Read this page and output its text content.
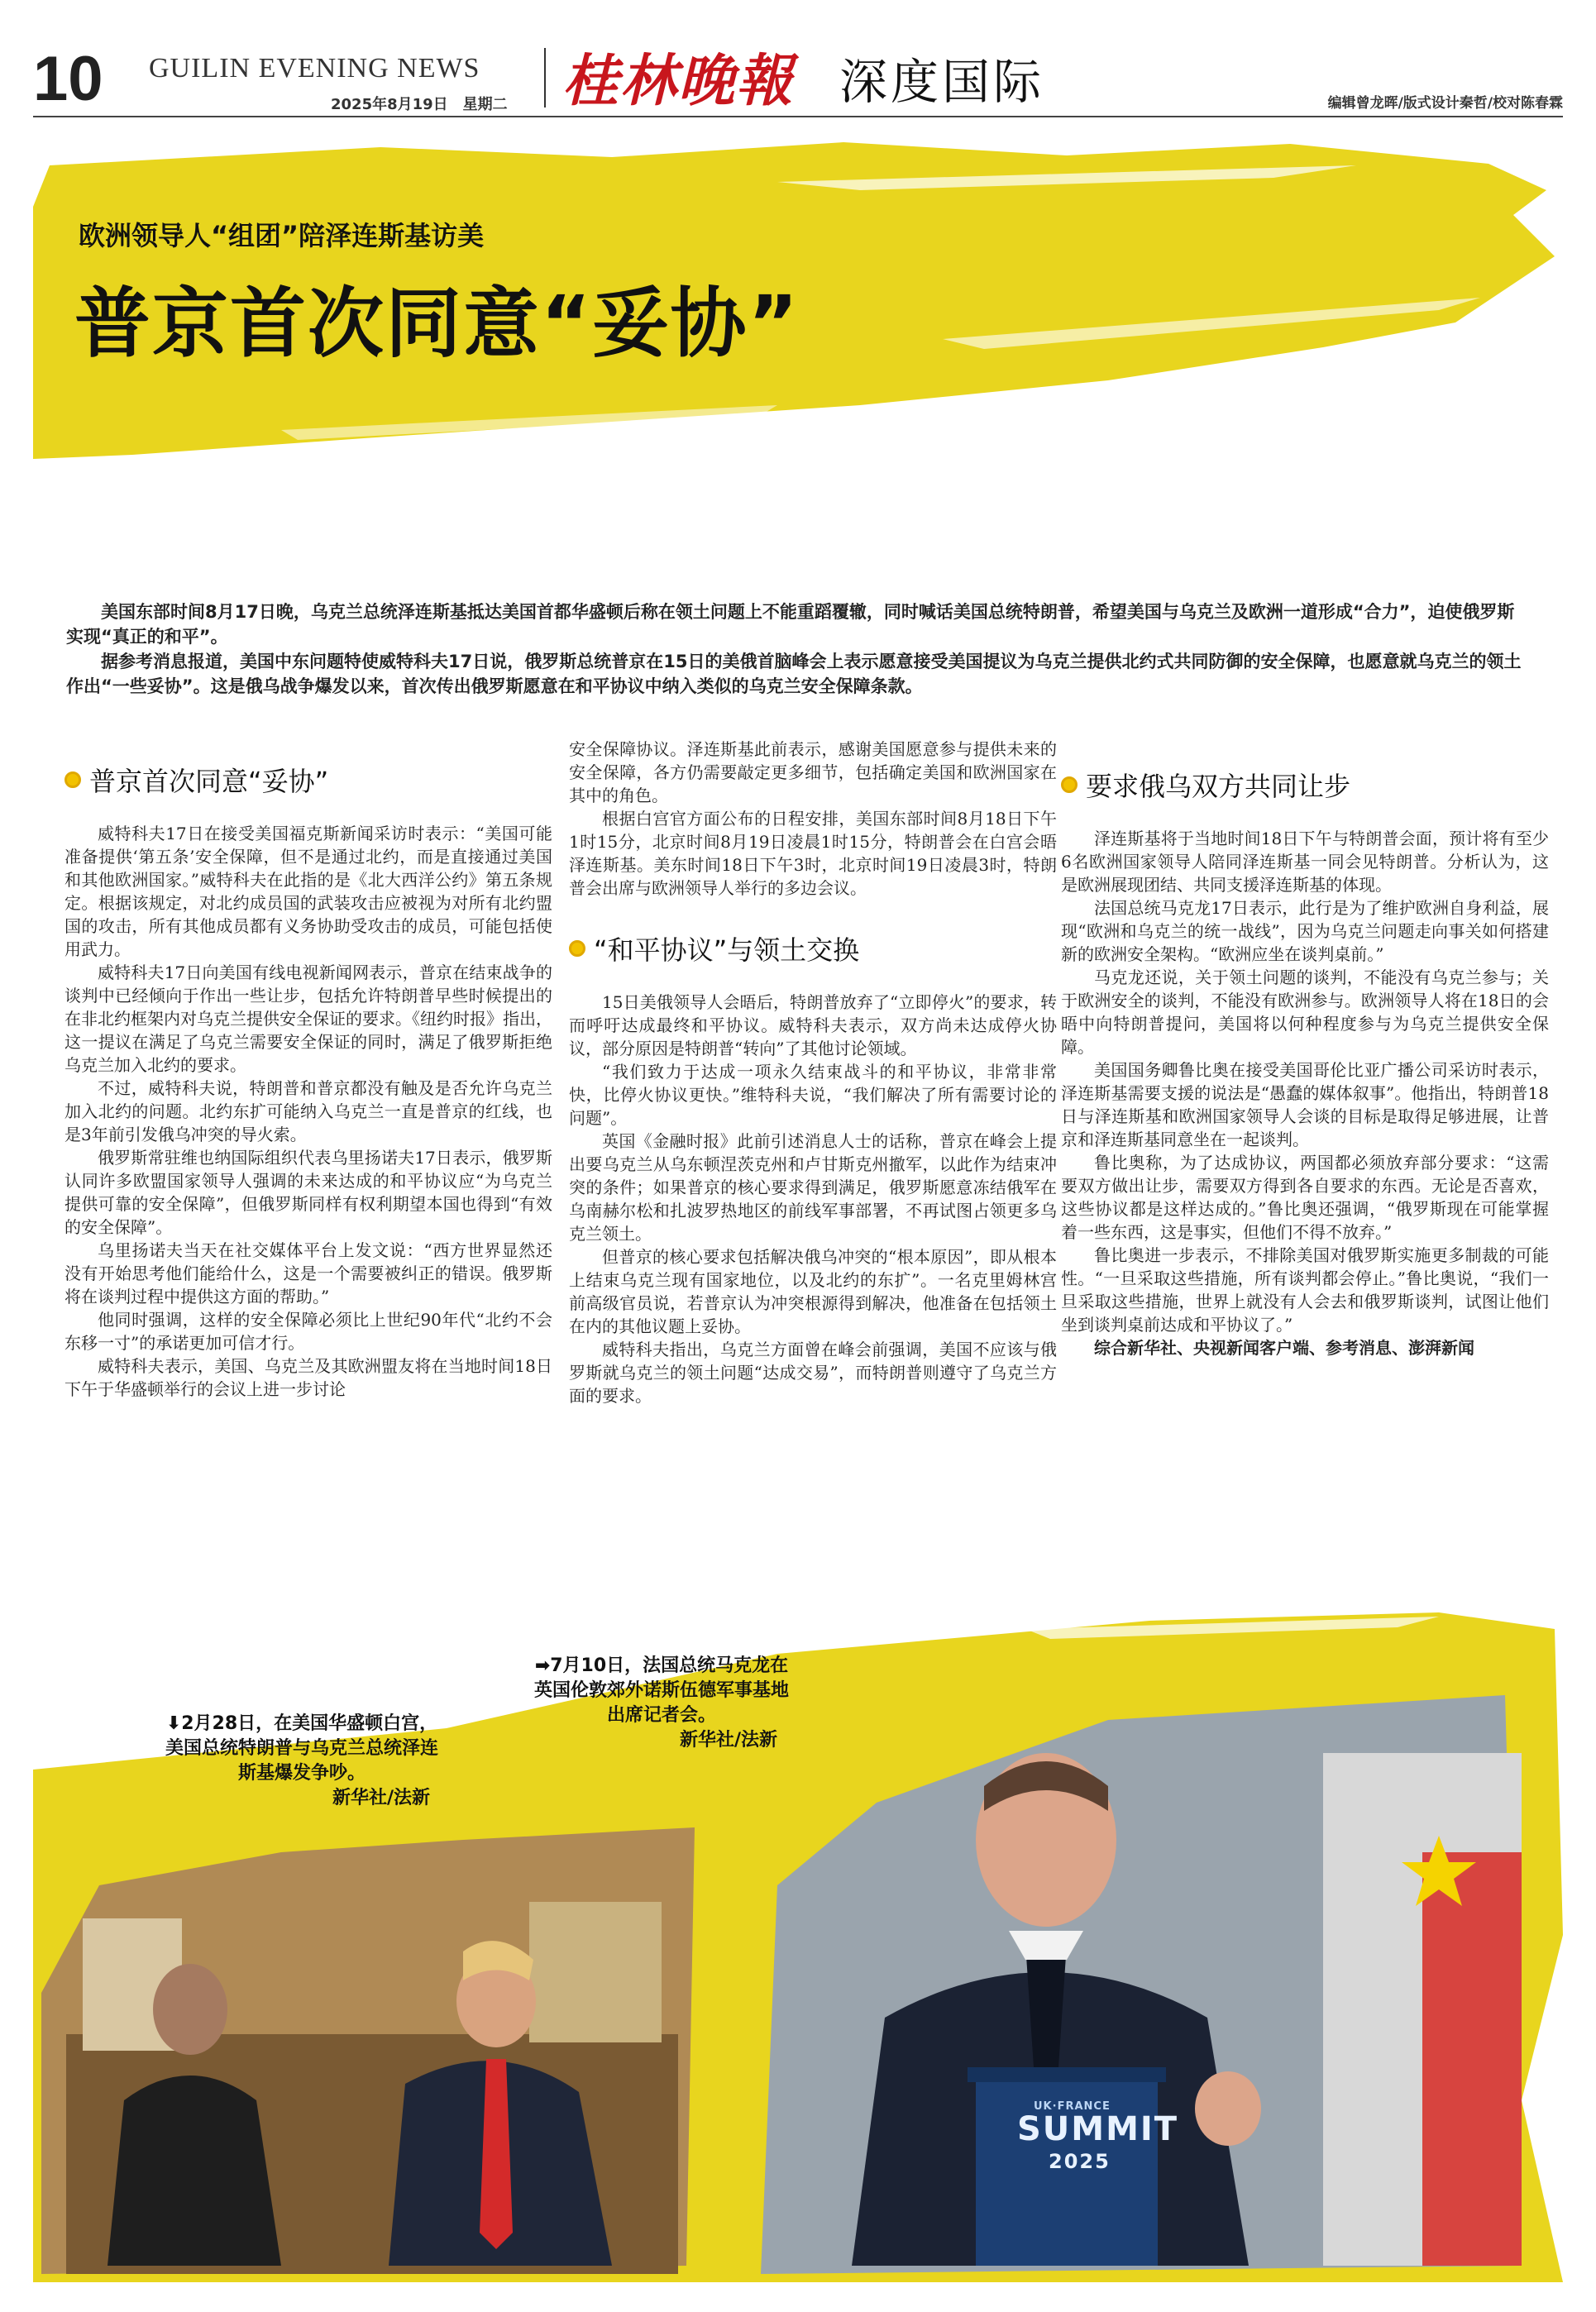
10 GUILIN EVENING NEWS
2025年8月19日　星期二 桂林晚報 深度国际	编辑曾龙晖/版式设计秦哲/校对陈春霖
欧洲领导人“组团”陪泽连斯基访美
普京首次同意“妥协”

美国东部时间8月17日晚，乌克兰总统泽连斯基抵达美国首都华盛顿后称在领土问题上不能重蹈覆辙，同时喊话美国总统特朗普，希望美国与乌克兰及欧洲一道形成“合力”，迫使俄罗斯实现“真正的和平”。

据参考消息报道，美国中东问题特使威特科夫17日说，俄罗斯总统普京在15日的美俄首脑峰会上表示愿意接受美国提议为乌克兰提供北约式共同防御的安全保障，也愿意就乌克兰的领土作出“一些妥协”。这是俄乌战争爆发以来，首次传出俄罗斯愿意在和平协议中纳入类似的乌克兰安全保障条款。

普京首次同意“妥协”

威特科夫17日在接受美国福克斯新闻采访时表示：“美国可能准备提供‘第五条’安全保障，但不是通过北约，而是直接通过美国和其他欧洲国家。”威特科夫在此指的是《北大西洋公约》第五条规定。根据该规定，对北约成员国的武装攻击应被视为对所有北约盟国的攻击，所有其他成员都有义务协助受攻击的成员，可能包括使用武力。

威特科夫17日向美国有线电视新闻网表示，普京在结束战争的谈判中已经倾向于作出一些让步，包括允许特朗普早些时候提出的在非北约框架内对乌克兰提供安全保证的要求。《纽约时报》指出，这一提议在满足了乌克兰需要安全保证的同时，满足了俄罗斯拒绝乌克兰加入北约的要求。

不过，威特科夫说，特朗普和普京都没有触及是否允许乌克兰加入北约的问题。北约东扩可能纳入乌克兰一直是普京的红线，也是3年前引发俄乌冲突的导火索。

俄罗斯常驻维也纳国际组织代表乌里扬诺夫17日表示，俄罗斯认同许多欧盟国家领导人强调的未来达成的和平协议应“为乌克兰提供可靠的安全保障”，但俄罗斯同样有权利期望本国也得到“有效的安全保障”。

乌里扬诺夫当天在社交媒体平台上发文说：“西方世界显然还没有开始思考他们能给什么，这是一个需要被纠正的错误。俄罗斯将在谈判过程中提供这方面的帮助。”

他同时强调，这样的安全保障必须比上世纪90年代“北约不会东移一寸”的承诺更加可信才行。

威特科夫表示，美国、乌克兰及其欧洲盟友将在当地时间18日下午于华盛顿举行的会议上进一步讨论

安全保障协议。泽连斯基此前表示，感谢美国愿意参与提供未来的安全保障，各方仍需要敲定更多细节，包括确定美国和欧洲国家在其中的角色。

根据白宫官方面公布的日程安排，美国东部时间8月18日下午1时15分，北京时间8月19日凌晨1时15分，特朗普会在白宫会晤泽连斯基。美东时间18日下午3时，北京时间19日凌晨3时，特朗普会出席与欧洲领导人举行的多边会议。

“和平协议”与领土交换

15日美俄领导人会晤后，特朗普放弃了“立即停火”的要求，转而呼吁达成最终和平协议。威特科夫表示，双方尚未达成停火协议，部分原因是特朗普“转向”了其他讨论领域。

“我们致力于达成一项永久结束战斗的和平协议，非常非常快，比停火协议更快。”维特科夫说，“我们解决了所有需要讨论的问题”。

英国《金融时报》此前引述消息人士的话称，普京在峰会上提出要乌克兰从乌东顿涅茨克州和卢甘斯克州撤军，以此作为结束冲突的条件；如果普京的核心要求得到满足，俄罗斯愿意冻结俄军在乌南赫尔松和扎波罗热地区的前线军事部署，不再试图占领更多乌克兰领土。

但普京的核心要求包括解决俄乌冲突的“根本原因”，即从根本上结束乌克兰现有国家地位，以及北约的东扩”。一名克里姆林宫前高级官员说，若普京认为冲突根源得到解决，他准备在包括领土在内的其他议题上妥协。

威特科夫指出，乌克兰方面曾在峰会前强调，美国不应该与俄罗斯就乌克兰的领土问题“达成交易”，而特朗普则遵守了乌克兰方面的要求。

要求俄乌双方共同让步

泽连斯基将于当地时间18日下午与特朗普会面，预计将有至少6名欧洲国家领导人陪同泽连斯基一同会见特朗普。分析认为，这是欧洲展现团结、共同支援泽连斯基的体现。

法国总统马克龙17日表示，此行是为了维护欧洲自身利益，展现“欧洲和乌克兰的统一战线”，因为乌克兰问题走向事关如何搭建新的欧洲安全架构。“欧洲应坐在谈判桌前。”

马克龙还说，关于领土问题的谈判，不能没有乌克兰参与；关于欧洲安全的谈判，不能没有欧洲参与。欧洲领导人将在18日的会晤中向特朗普提问，美国将以何种程度参与为乌克兰提供安全保障。

美国国务卿鲁比奥在接受美国哥伦比亚广播公司采访时表示，泽连斯基需要支援的说法是“愚蠢的媒体叙事”。他指出，特朗普18日与泽连斯基和欧洲国家领导人会谈的目标是取得足够进展，让普京和泽连斯基同意坐在一起谈判。

鲁比奥称，为了达成协议，两国都必须放弃部分要求：“这需要双方做出让步，需要双方得到各自要求的东西。无论是否喜欢，这些协议都是这样达成的。”鲁比奥还强调，“俄罗斯现在可能掌握着一些东西，这是事实，但他们不得不放弃。”

鲁比奥进一步表示，不排除美国对俄罗斯实施更多制裁的可能性。“一旦采取这些措施，所有谈判都会停止。”鲁比奥说，“我们一旦采取这些措施，世界上就没有人会去和俄罗斯谈判，试图让他们坐到谈判桌前达成和平协议了。”

综合新华社、央视新闻客户端、参考消息、澎湃新闻

⬇2月28日，在美国华盛顿白宫，美国总统特朗普与乌克兰总统泽连斯基爆发争吵。
新华社/法新
➡7月10日，法国总统马克龙在英国伦敦郊外诺斯伍德军事基地出席记者会。
新华社/法新
UK·FRANCE
SUMMIT
2025
